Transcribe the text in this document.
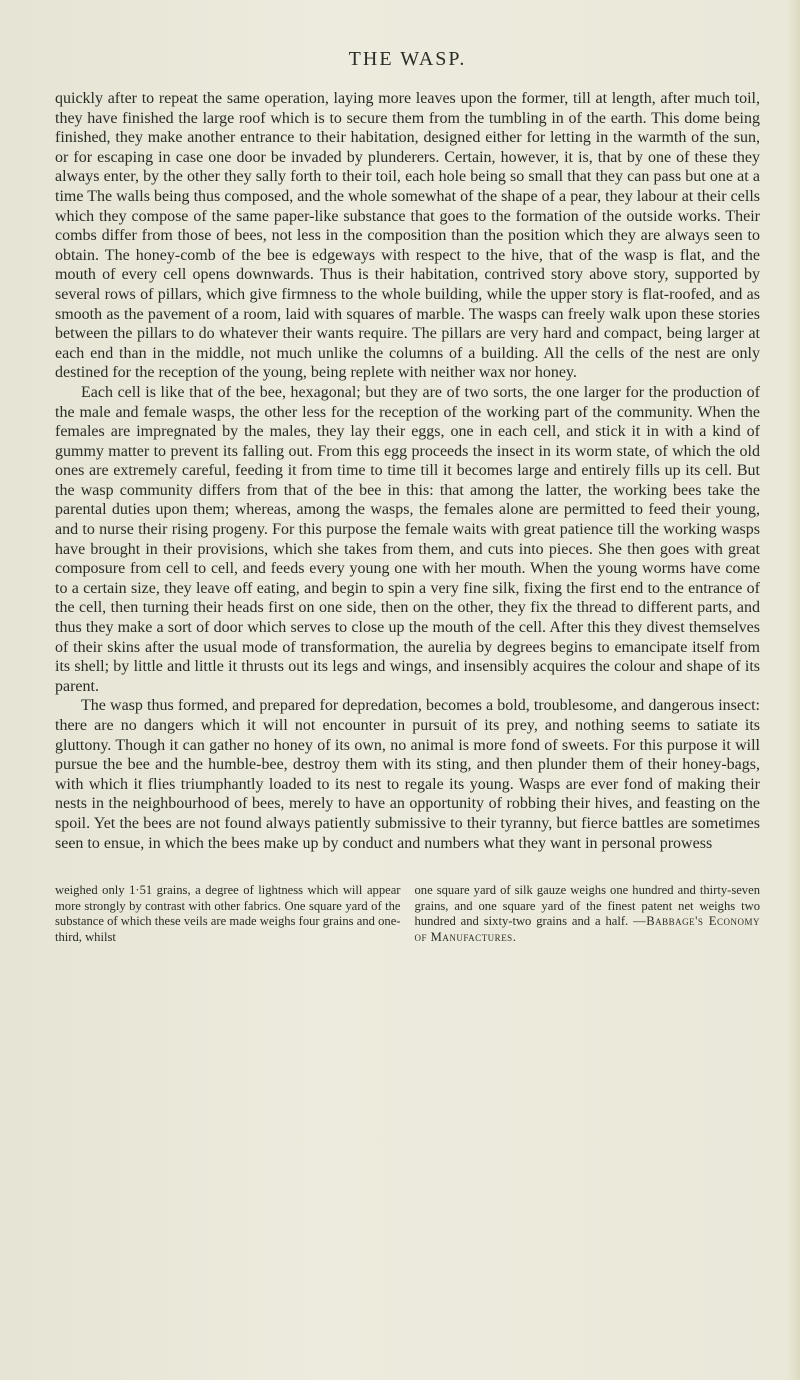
THE WASP.

quickly after to repeat the same operation, laying more leaves upon the former, till at length, after much toil, they have finished the large roof which is to secure them from the tumbling in of the earth. This dome being finished, they make another entrance to their habitation, designed either for letting in the warmth of the sun, or for escaping in case one door be invaded by plunderers. Certain, however, it is, that by one of these they always enter, by the other they sally forth to their toil, each hole being so small that they can pass but one at a time The walls being thus composed, and the whole somewhat of the shape of a pear, they labour at their cells which they compose of the same paper-like substance that goes to the formation of the outside works. Their combs differ from those of bees, not less in the composition than the position which they are always seen to obtain. The honey-comb of the bee is edgeways with respect to the hive, that of the wasp is flat, and the mouth of every cell opens downwards. Thus is their habitation, contrived story above story, supported by several rows of pillars, which give firmness to the whole building, while the upper story is flat-roofed, and as smooth as the pavement of a room, laid with squares of marble. The wasps can freely walk upon these stories between the pillars to do whatever their wants require. The pillars are very hard and compact, being larger at each end than in the middle, not much unlike the columns of a building. All the cells of the nest are only destined for the reception of the young, being replete with neither wax nor honey.

Each cell is like that of the bee, hexagonal; but they are of two sorts, the one larger for the production of the male and female wasps, the other less for the reception of the working part of the community. When the females are impregnated by the males, they lay their eggs, one in each cell, and stick it in with a kind of gummy matter to prevent its falling out. From this egg proceeds the insect in its worm state, of which the old ones are extremely careful, feeding it from time to time till it becomes large and entirely fills up its cell. But the wasp community differs from that of the bee in this: that among the latter, the working bees take the parental duties upon them; whereas, among the wasps, the females alone are permitted to feed their young, and to nurse their rising progeny. For this purpose the female waits with great patience till the working wasps have brought in their provisions, which she takes from them, and cuts into pieces. She then goes with great composure from cell to cell, and feeds every young one with her mouth. When the young worms have come to a certain size, they leave off eating, and begin to spin a very fine silk, fixing the first end to the entrance of the cell, then turning their heads first on one side, then on the other, they fix the thread to different parts, and thus they make a sort of door which serves to close up the mouth of the cell. After this they divest themselves of their skins after the usual mode of transformation, the aurelia by degrees begins to emancipate itself from its shell; by little and little it thrusts out its legs and wings, and insensibly acquires the colour and shape of its parent.

The wasp thus formed, and prepared for depredation, becomes a bold, troublesome, and dangerous insect: there are no dangers which it will not encounter in pursuit of its prey, and nothing seems to satiate its gluttony. Though it can gather no honey of its own, no animal is more fond of sweets. For this purpose it will pursue the bee and the humble-bee, destroy them with its sting, and then plunder them of their honey-bags, with which it flies triumphantly loaded to its nest to regale its young. Wasps are ever fond of making their nests in the neighbourhood of bees, merely to have an opportunity of robbing their hives, and feasting on the spoil. Yet the bees are not found always patiently submissive to their tyranny, but fierce battles are sometimes seen to ensue, in which the bees make up by conduct and numbers what they want in personal prowess

weighed only 1·51 grains, a degree of lightness which will appear more strongly by contrast with other fabrics. One square yard of the substance of which these veils are made weighs four grains and one-third, whilst
one square yard of silk gauze weighs one hundred and thirty-seven grains, and one square yard of the finest patent net weighs two hundred and sixty-two grains and a half. —Babbage's Economy of Manufactures.
